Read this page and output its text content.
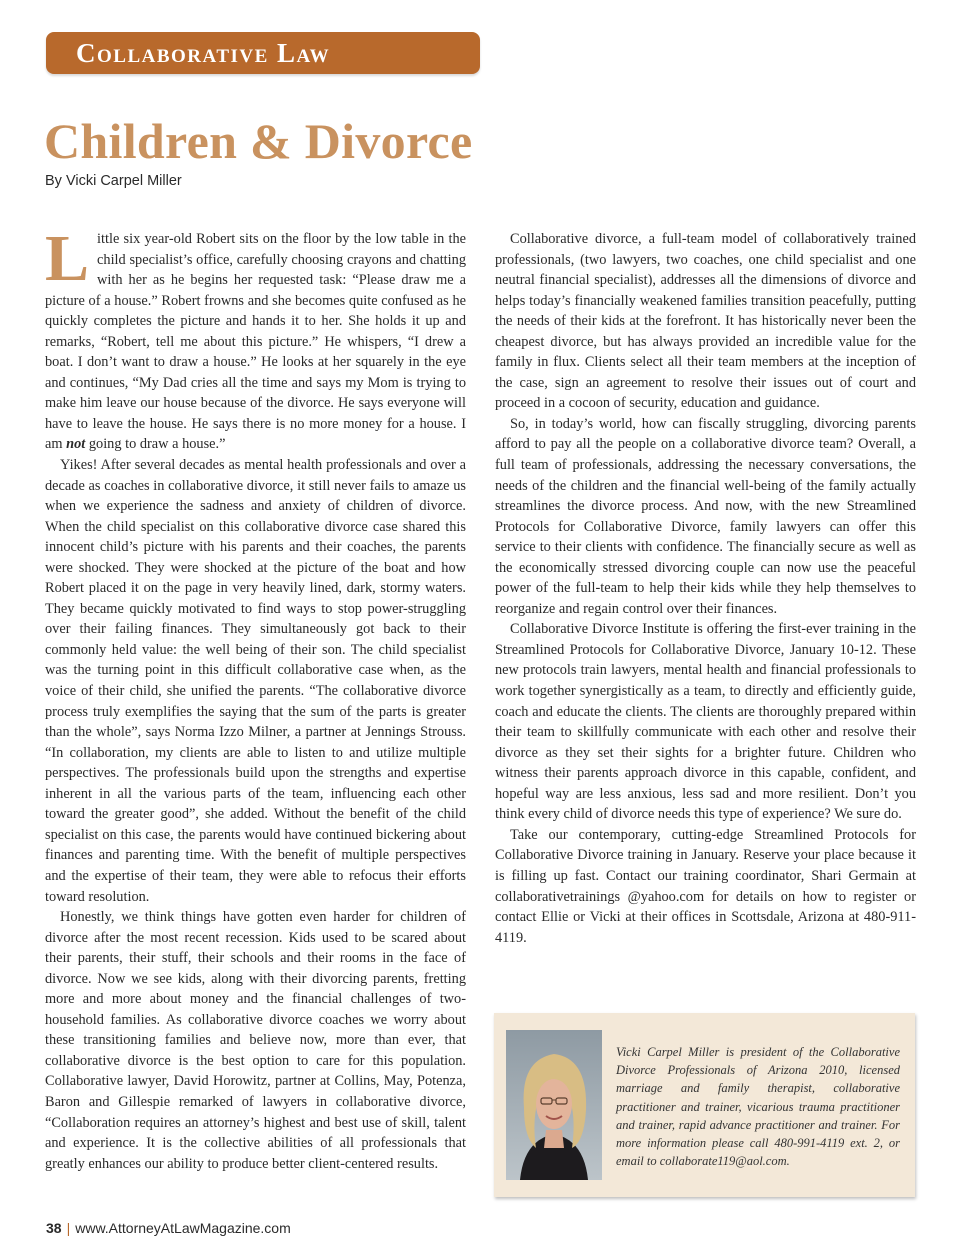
Collaborative Law
Children & Divorce
By Vicki Carpel Miller

Little six year-old Robert sits on the floor by the low table in the child specialist’s office, carefully choosing crayons and chatting with her as he begins her requested task: “Please draw me a picture of a house.” Robert frowns and she becomes quite confused as he quickly completes the picture and hands it to her. She holds it up and remarks, “Robert, tell me about this picture.” He whispers, “I drew a boat. I don’t want to draw a house.” He looks at her squarely in the eye and continues, “My Dad cries all the time and says my Mom is trying to make him leave our house because of the divorce. He says everyone will have to leave the house. He says there is no more money for a house. I am not going to draw a house.”

Yikes! After several decades as mental health professionals and over a decade as coaches in collaborative divorce, it still never fails to amaze us when we experience the sadness and anxiety of children of divorce. When the child specialist on this collaborative divorce case shared this innocent child’s picture with his parents and their coaches, the parents were shocked. They were shocked at the picture of the boat and how Robert placed it on the page in very heavily lined, dark, stormy waters. They became quickly motivated to find ways to stop power-struggling over their failing finances. They simultaneously got back to their commonly held value: the well being of their son. The child specialist was the turning point in this difficult collaborative case when, as the voice of their child, she unified the parents. “The collaborative divorce process truly exemplifies the saying that the sum of the parts is greater than the whole”, says Norma Izzo Milner, a partner at Jennings Strouss. “In collaboration, my clients are able to listen to and utilize multiple perspectives. The professionals build upon the strengths and expertise inherent in all the various parts of the team, influencing each other toward the greater good”, she added. Without the benefit of the child specialist on this case, the parents would have continued bickering about finances and parenting time. With the benefit of multiple perspectives and the expertise of their team, they were able to refocus their efforts toward resolution.

Honestly, we think things have gotten even harder for children of divorce after the most recent recession. Kids used to be scared about their parents, their stuff, their schools and their rooms in the face of divorce. Now we see kids, along with their divorcing parents, fretting more and more about money and the financial challenges of two-household families. As collaborative divorce coaches we worry about these transitioning families and believe now, more than ever, that collaborative divorce is the best option to care for this population. Collaborative lawyer, David Horowitz, partner at Collins, May, Potenza, Baron and Gillespie remarked of lawyers in collaborative divorce, “Collaboration requires an attorney’s highest and best use of skill, talent and experience. It is the collective abilities of all professionals that greatly enhances our ability to produce better client-centered results.

Collaborative divorce, a full-team model of collaboratively trained professionals, (two lawyers, two coaches, one child specialist and one neutral financial specialist), addresses all the dimensions of divorce and helps today’s financially weakened families transition peacefully, putting the needs of their kids at the forefront. It has historically never been the cheapest divorce, but has always provided an incredible value for the family in flux. Clients select all their team members at the inception of the case, sign an agreement to resolve their issues out of court and proceed in a cocoon of security, education and guidance.

So, in today’s world, how can fiscally struggling, divorcing parents afford to pay all the people on a collaborative divorce team? Overall, a full team of professionals, addressing the necessary conversations, the needs of the children and the financial well-being of the family actually streamlines the divorce process. And now, with the new Streamlined Protocols for Collaborative Divorce, family lawyers can offer this service to their clients with confidence. The financially secure as well as the economically stressed divorcing couple can now use the peaceful power of the full-team to help their kids while they help themselves to reorganize and regain control over their finances.

Collaborative Divorce Institute is offering the first-ever training in the Streamlined Protocols for Collaborative Divorce, January 10-12. These new protocols train lawyers, mental health and financial professionals to work together synergistically as a team, to directly and efficiently guide, coach and educate the clients. The clients are thoroughly prepared within their team to skillfully communicate with each other and resolve their divorce as they set their sights for a brighter future. Children who witness their parents approach divorce in this capable, confident, and hopeful way are less anxious, less sad and more resilient. Don’t you think every child of divorce needs this type of experience? We sure do.

Take our contemporary, cutting-edge Streamlined Protocols for Collaborative Divorce training in January. Reserve your place because it is filling up fast. Contact our training coordinator, Shari Germain at collaborativetrainings @yahoo.com for details on how to register or contact Ellie or Vicki at their offices in Scottsdale, Arizona at 480-911-4119.

Vicki Carpel Miller is president of the Collaborative Divorce Professionals of Arizona 2010, licensed marriage and family therapist, collaborative practitioner and trainer, vicarious trauma practitioner and trainer, rapid advance practitioner and trainer. For more information please call 480-991-4119 ext. 2, or email to collaborate119@aol.com.
38 | www.AttorneyAtLawMagazine.com
